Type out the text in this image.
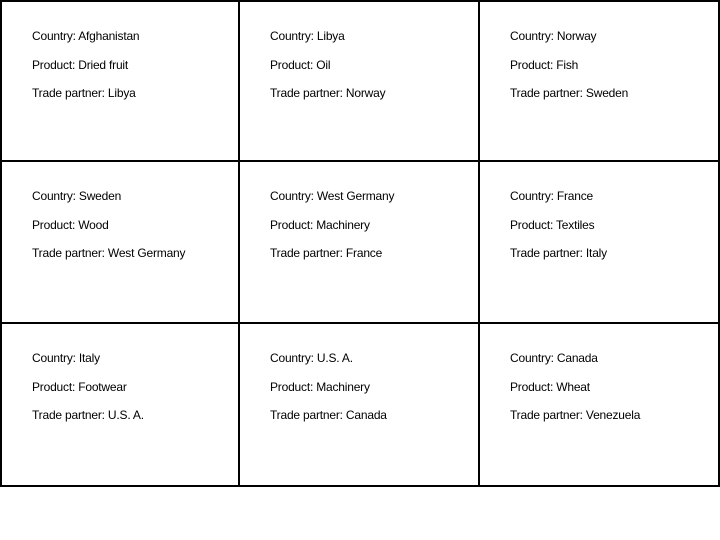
Country: Afghanistan
Product: Dried fruit
Trade partner: Libya
Country: Libya
Product: Oil
Trade partner: Norway
Country: Norway
Product: Fish
Trade partner: Sweden
Country: Sweden
Product: Wood
Trade partner: West Germany
Country: West Germany
Product: Machinery
Trade partner: France
Country: France
Product: Textiles
Trade partner: Italy
Country: Italy
Product: Footwear
Trade partner: U.S. A.
Country: U.S. A.
Product: Machinery
Trade partner: Canada
Country: Canada
Product: Wheat
Trade partner: Venezuela
